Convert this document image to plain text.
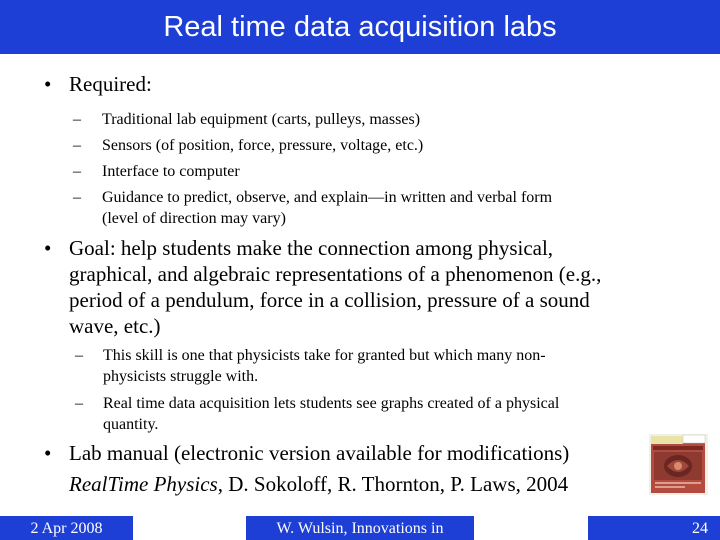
Real time data acquisition labs
• Required:
– Traditional lab equipment (carts, pulleys, masses)
– Sensors (of position, force, pressure, voltage, etc.)
– Interface to computer
– Guidance to predict, observe, and explain—in written and verbal form
(level of direction may vary)
• Goal: help students make the connection among physical,
graphical, and algebraic representations of a phenomenon (e.g.,
period of a pendulum, force in a collision, pressure of a sound
wave, etc.)
– This skill is one that physicists take for granted but which many non-
physicists struggle with.
– Real time data acquisition lets students see graphs created of a physical
quantity.
• Lab manual (electronic version available for modifications)
RealTime Physics, D. Sokoloff, R. Thornton, P. Laws, 2004
2 Apr 2008	W. Wulsin, Innovations in	24
